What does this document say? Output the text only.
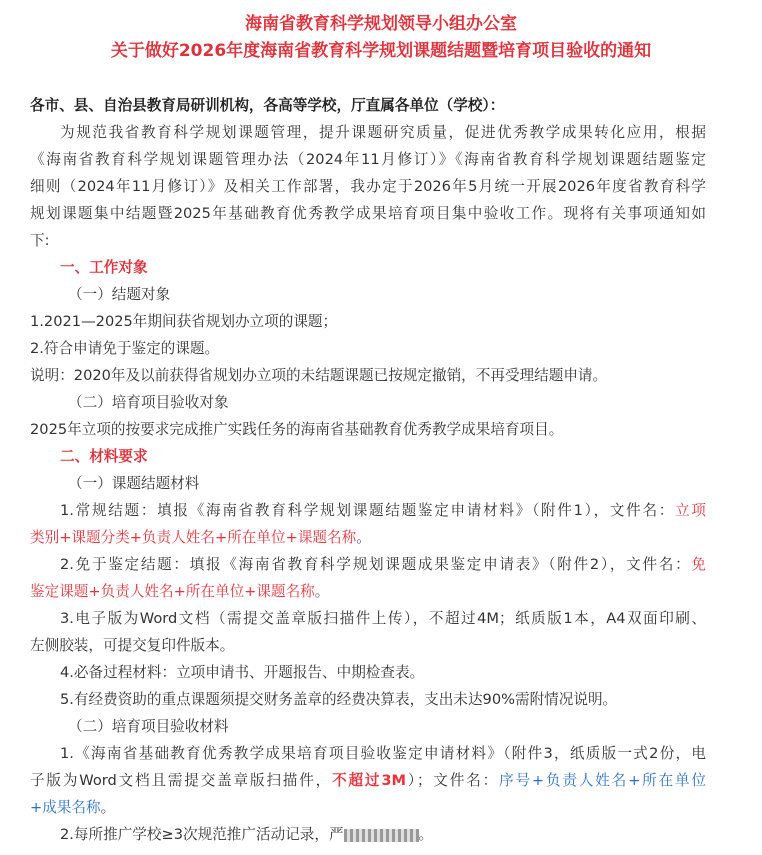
海南省教育科学规划领导小组办公室
关于做好2026年度海南省教育科学规划课题结题暨培育项目验收的通知
各市、县、自治县教育局研训机构，各高等学校，厅直属各单位（学校）：
为规范我省教育科学规划课题管理，提升课题研究质量，促进优秀教学成果转化应用，根据
《海南省教育科学规划课题管理办法（2024年11月修订）》《海南省教育科学规划课题结题鉴定
细则（2024年11月修订）》及相关工作部署，我办定于2026年5月统一开展2026年度省教育科学
规划课题集中结题暨2025年基础教育优秀教学成果培育项目集中验收工作。现将有关事项通知如
下:
一、工作对象
（一）结题对象
1.2021—2025年期间获省规划办立项的课题；
2.符合申请免于鉴定的课题。
说明：2020年及以前获得省规划办立项的未结题课题已按规定撤销，不再受理结题申请。
（二）培育项目验收对象
2025年立项的按要求完成推广实践任务的海南省基础教育优秀教学成果培育项目。
二、材料要求
（一）课题结题材料
1.常规结题：填报《海南省教育科学规划课题结题鉴定申请材料》（附件1），文件名：立项
类别+课题分类+负责人姓名+所在单位+课题名称。
2.免于鉴定结题：填报《海南省教育科学规划课题成果鉴定申请表》（附件2），文件名：免
鉴定课题+负责人姓名+所在单位+课题名称。
3.电子版为Word文档（需提交盖章版扫描件上传），不超过4M；纸质版1本，A4双面印刷、
左侧胶装，可提交复印件版本。
4.必备过程材料：立项申请书、开题报告、中期检查表。
5.有经费资助的重点课题须提交财务盖章的经费决算表，支出未达90%需附情况说明。
（二）培育项目验收材料
1.《海南省基础教育优秀教学成果培育项目验收鉴定申请材料》（附件3，纸质版一式2份，电
子版为Word文档且需提交盖章版扫描件，不超过3M）；文件名：序号+负责人姓名+所在单位
+成果名称。
2.每所推广学校≥3次规范推广活动记录，严	。
